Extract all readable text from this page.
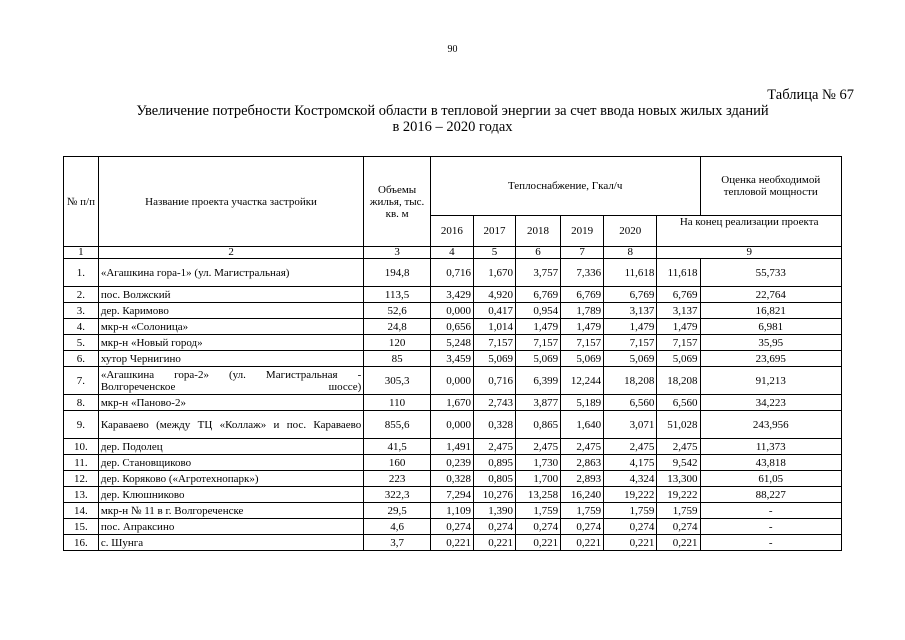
90
Таблица № 67
Увеличение потребности Костромской области в тепловой энергии за счет ввода новых жилых зданий
в 2016 – 2020 годах
№ п/п	Название проекта участка застройки	Объемы жилья, тыс. кв. м	Теплоснабжение, Гкал/ч						Оценка необходимой тепловой мощности
			2016	2017	2018	2019	2020	На конец реализации проекта	
1	2	3	4	5	6	7	8	9	
1.	«Агашкина гора-1» (ул. Магистральная)	194,8	0,716	1,670	3,757	7,336	11,618	11,618	55,733
2.	пос. Волжский	113,5	3,429	4,920	6,769	6,769	6,769	6,769	22,764
3.	дер. Каримово	52,6	0,000	0,417	0,954	1,789	3,137	3,137	16,821
4.	мкр-н «Солоница»	24,8	0,656	1,014	1,479	1,479	1,479	1,479	6,981
5.	мкр-н «Новый город»	120	5,248	7,157	7,157	7,157	7,157	7,157	35,95
6.	хутор Чернигино	85	3,459	5,069	5,069	5,069	5,069	5,069	23,695
7.	«Агашкина гора-2» (ул. Магистральная - Волгореченское шоссе)	305,3	0,000	0,716	6,399	12,244	18,208	18,208	91,213
8.	мкр-н «Паново-2»	110	1,670	2,743	3,877	5,189	6,560	6,560	34,223
9.	Караваево (между ТЦ «Коллаж» и пос. Караваево	855,6	0,000	0,328	0,865	1,640	3,071	51,028	243,956
10.	дер. Подолец	41,5	1,491	2,475	2,475	2,475	2,475	2,475	11,373
11.	дер. Становщиково	160	0,239	0,895	1,730	2,863	4,175	9,542	43,818
12.	дер. Коряково («Агротехнопарк»)	223	0,328	0,805	1,700	2,893	4,324	13,300	61,05
13.	дер. Клюшниково	322,3	7,294	10,276	13,258	16,240	19,222	19,222	88,227
14.	мкр-н № 11 в г. Волгореченске	29,5	1,109	1,390	1,759	1,759	1,759	1,759	-
15.	пос. Апраксино	4,6	0,274	0,274	0,274	0,274	0,274	0,274	-
16.	с. Шунга	3,7	0,221	0,221	0,221	0,221	0,221	0,221	-
